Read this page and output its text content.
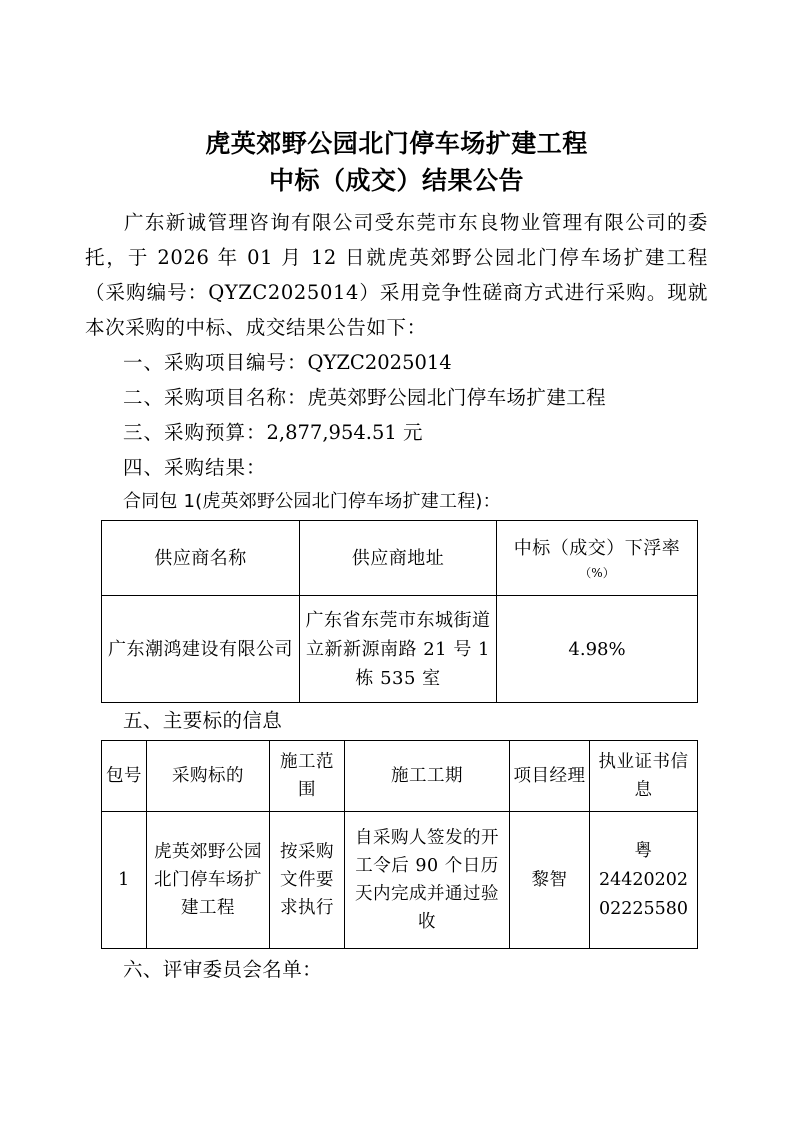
虎英郊野公园北门停车场扩建工程
中标（成交）结果公告

广东新诚管理咨询有限公司受东莞市东良物业管理有限公司的委托，于 2026 年 01 月 12 日就虎英郊野公园北门停车场扩建工程（采购编号：QYZC2025014）采用竞争性磋商方式进行采购。现就本次采购的中标、成交结果公告如下：

一、采购项目编号：QYZC2025014

二、采购项目名称：虎英郊野公园北门停车场扩建工程

三、采购预算：2,877,954.51 元

四、采购结果：

合同包 1(虎英郊野公园北门停车场扩建工程)：

供应商名称	供应商地址	中标（成交）下浮率
（%）

广东潮鸿建设有限公司	广东省东莞市东城街道立新新源南路 21 号 1 栋 535 室	4.98%

五、主要标的信息

包号	采购标的	施工范围	施工工期	项目经理	执业证书信息
1	虎英郊野公园北门停车场扩建工程	按采购文件要求执行	自采购人签发的开工令后 90 个日历天内完成并通过验收	黎智	粤
24420202
02225580

六、评审委员会名单：
